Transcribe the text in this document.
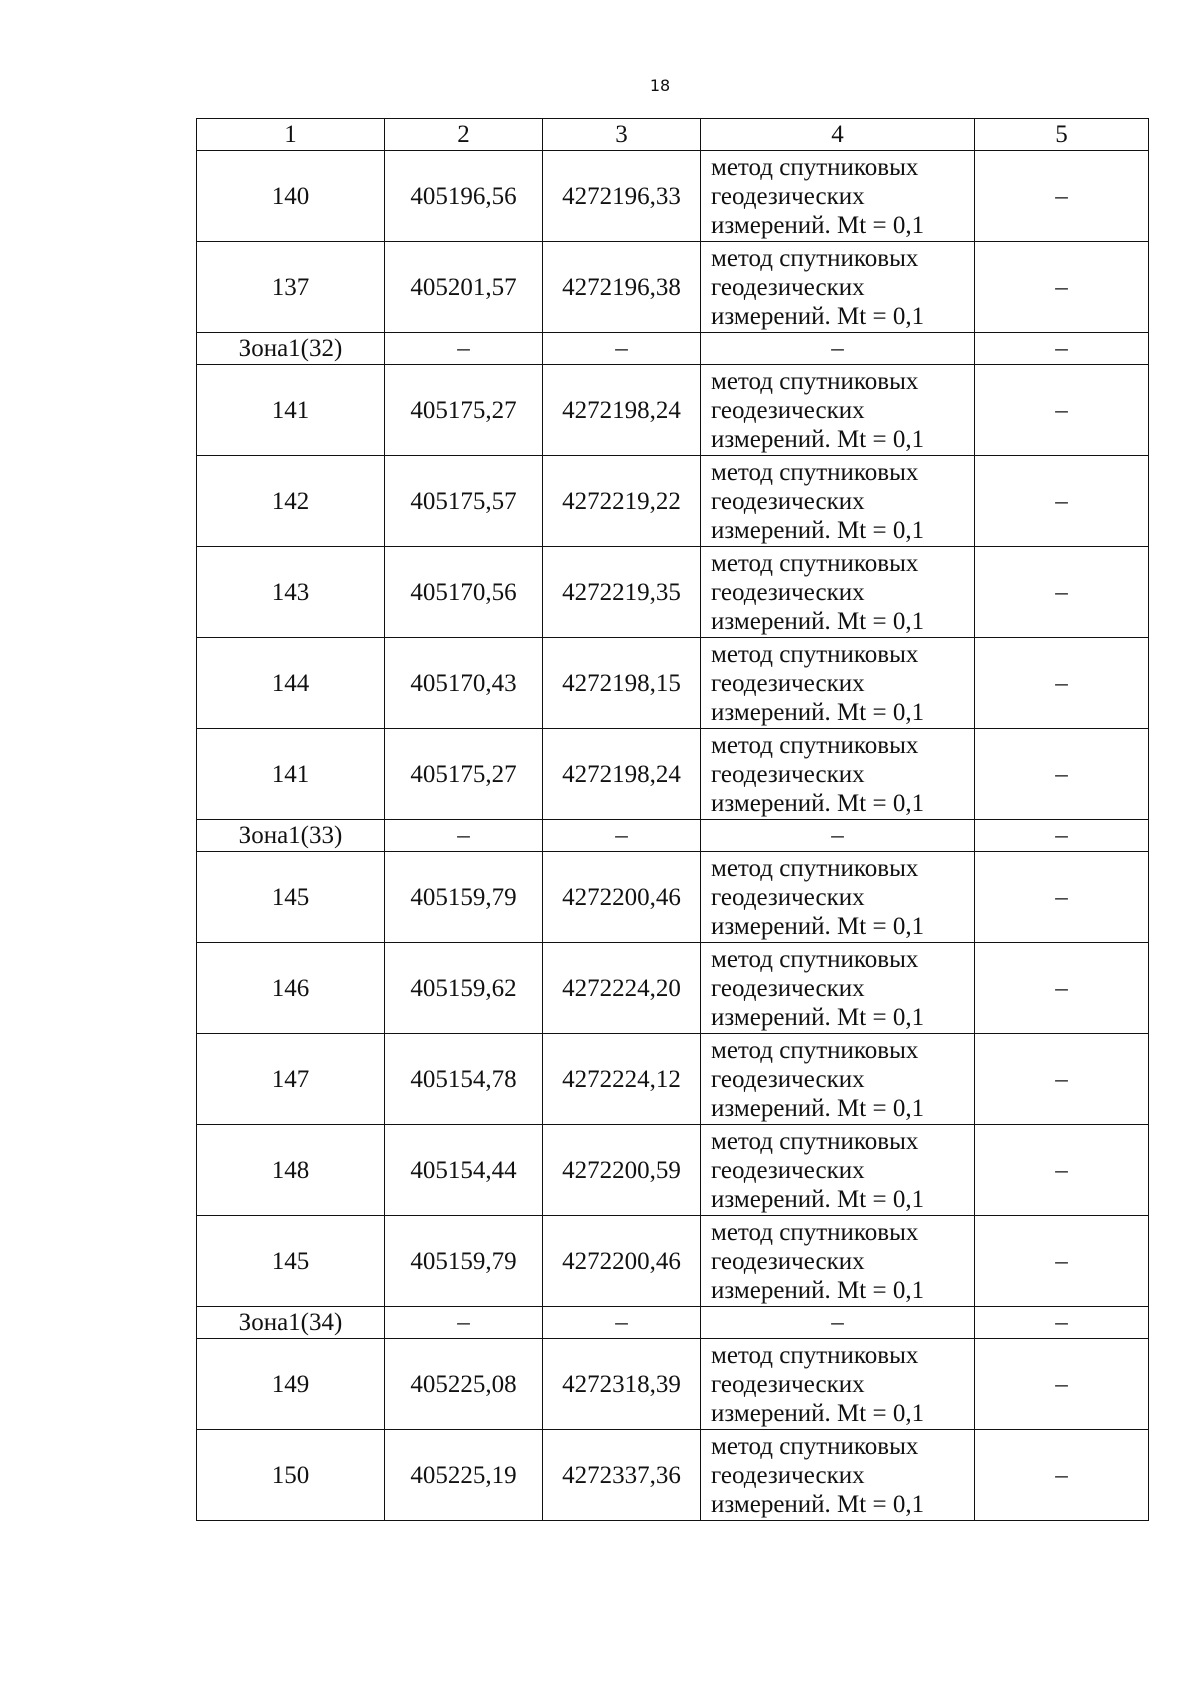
18
1	2	3	4	5
140	405196,56	4272196,33	метод спутниковых
геодезических
измерений. Mt = 0,1	–
137	405201,57	4272196,38	метод спутниковых
геодезических
измерений. Mt = 0,1	–
Зона1(32)	–	–	–	–
141	405175,27	4272198,24	метод спутниковых
геодезических
измерений. Mt = 0,1	–
142	405175,57	4272219,22	метод спутниковых
геодезических
измерений. Mt = 0,1	–
143	405170,56	4272219,35	метод спутниковых
геодезических
измерений. Mt = 0,1	–
144	405170,43	4272198,15	метод спутниковых
геодезических
измерений. Mt = 0,1	–
141	405175,27	4272198,24	метод спутниковых
геодезических
измерений. Mt = 0,1	–
Зона1(33)	–	–	–	–
145	405159,79	4272200,46	метод спутниковых
геодезических
измерений. Mt = 0,1	–
146	405159,62	4272224,20	метод спутниковых
геодезических
измерений. Mt = 0,1	–
147	405154,78	4272224,12	метод спутниковых
геодезических
измерений. Mt = 0,1	–
148	405154,44	4272200,59	метод спутниковых
геодезических
измерений. Mt = 0,1	–
145	405159,79	4272200,46	метод спутниковых
геодезических
измерений. Mt = 0,1	–
Зона1(34)	–	–	–	–
149	405225,08	4272318,39	метод спутниковых
геодезических
измерений. Mt = 0,1	–
150	405225,19	4272337,36	метод спутниковых
геодезических
измерений. Mt = 0,1	–
